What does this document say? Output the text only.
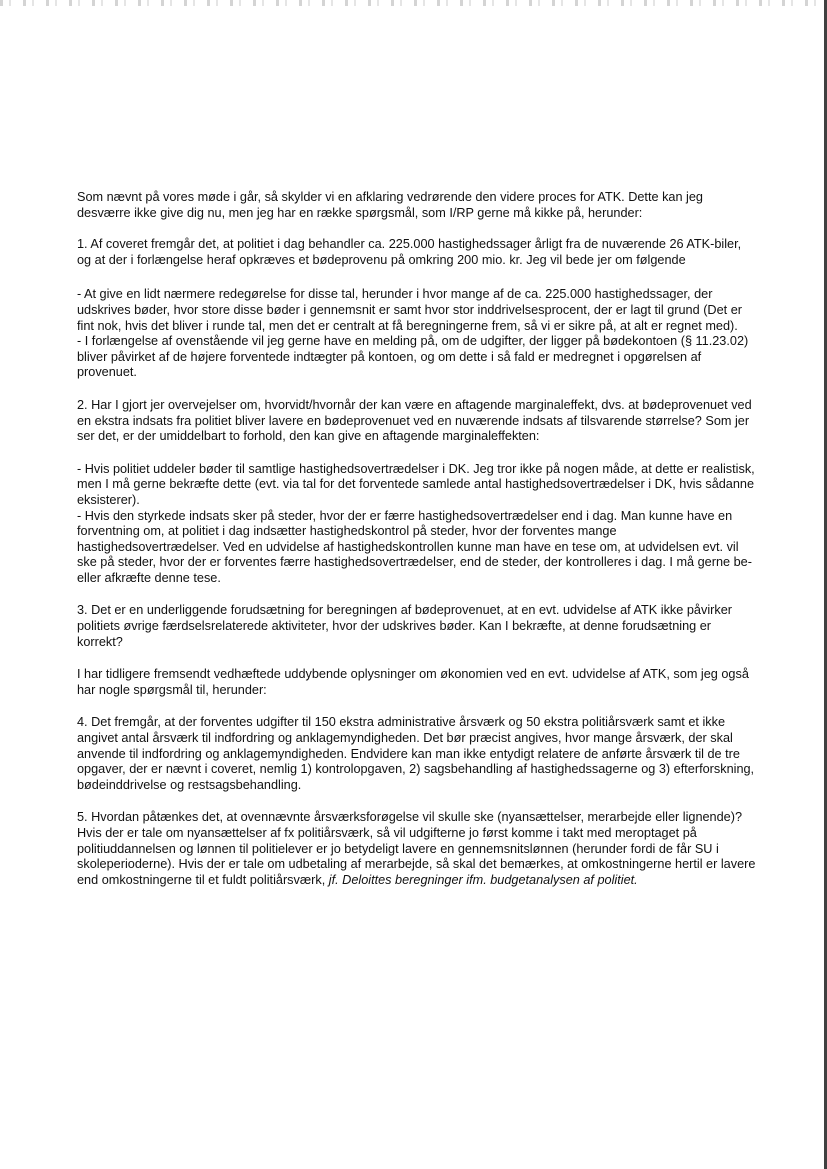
Som nævnt på vores møde i går, så skylder vi en afklaring vedrørende den videre proces for ATK. Dette kan jeg desværre ikke give dig nu, men jeg har en række spørgsmål, som I/RP gerne må kikke på, herunder:

1. Af coveret fremgår det, at politiet i dag behandler ca. 225.000 hastighedssager årligt fra de nuværende 26 ATK-biler, og at der i forlængelse heraf opkræves et bødeprovenu på omkring 200 mio. kr. Jeg vil bede jer om følgende

- At give en lidt nærmere redegørelse for disse tal, herunder i hvor mange af de ca. 225.000 hastighedssager, der udskrives bøder, hvor store disse bøder i gennemsnit er samt hvor stor inddrivelsesprocent, der er lagt til grund (Det er fint nok, hvis det bliver i runde tal, men det er centralt at få beregningerne frem, så vi er sikre på, at alt er regnet med).

- I forlængelse af ovenstående vil jeg gerne have en melding på, om de udgifter, der ligger på bødekontoen (§ 11.23.02) bliver påvirket af de højere forventede indtægter på kontoen, og om dette i så fald er medregnet i opgørelsen af provenuet.

2. Har I gjort jer overvejelser om, hvorvidt/hvornår der kan være en aftagende marginaleffekt, dvs. at bødeprovenuet ved en ekstra indsats fra politiet bliver lavere en bødeprovenuet ved en nuværende indsats af tilsvarende størrelse? Som jer ser det, er der umiddelbart to forhold, den kan give en aftagende marginaleffekten:

- Hvis politiet uddeler bøder til samtlige hastighedsovertrædelser i DK. Jeg tror ikke på nogen måde, at dette er realistisk, men I må gerne bekræfte dette (evt. via tal for det forventede samlede antal hastighedsovertrædelser i DK, hvis sådanne eksisterer).

- Hvis den styrkede indsats sker på steder, hvor der er færre hastighedsovertrædelser end i dag. Man kunne have en forventning om, at politiet i dag indsætter hastighedskontrol på steder, hvor der forventes mange hastighedsovertrædelser. Ved en udvidelse af hastighedskontrollen kunne man have en tese om, at udvidelsen evt. vil ske på steder, hvor der er forventes færre hastighedsovertrædelser, end de steder, der kontrolleres i dag. I må gerne be- eller afkræfte denne tese.

3. Det er en underliggende forudsætning for beregningen af bødeprovenuet, at en evt. udvidelse af ATK ikke påvirker politiets øvrige færdselsrelaterede aktiviteter, hvor der udskrives bøder. Kan I bekræfte, at denne forudsætning er korrekt?

I har tidligere fremsendt vedhæftede uddybende oplysninger om økonomien ved en evt. udvidelse af ATK, som jeg også har nogle spørgsmål til, herunder:

4. Det fremgår, at der forventes udgifter til 150 ekstra administrative årsværk og 50 ekstra politiårsværk samt et ikke angivet antal årsværk til indfordring og anklagemyndigheden. Det bør præcist angives, hvor mange årsværk, der skal anvende til indfordring og anklagemyndigheden. Endvidere kan man ikke entydigt relatere de anførte årsværk til de tre opgaver, der er nævnt i coveret, nemlig 1) kontrolopgaven, 2) sagsbehandling af hastighedssagerne og 3) efterforskning, bødeinddrivelse og restsagsbehandling.

5. Hvordan påtænkes det, at ovennævnte årsværksforøgelse vil skulle ske (nyansættelser, merarbejde eller lignende)? Hvis der er tale om nyansættelser af fx politiårsværk, så vil udgifterne jo først komme i takt med meroptaget på politiuddannelsen og lønnen til politielever er jo betydeligt lavere en gennemsnitslønnen (herunder fordi de får SU i skoleperioderne). Hvis der er tale om udbetaling af merarbejde, så skal det bemærkes, at omkostningerne hertil er lavere end omkostningerne til et fuldt politiårsværk, jf. Deloittes beregninger ifm. budgetanalysen af politiet.
